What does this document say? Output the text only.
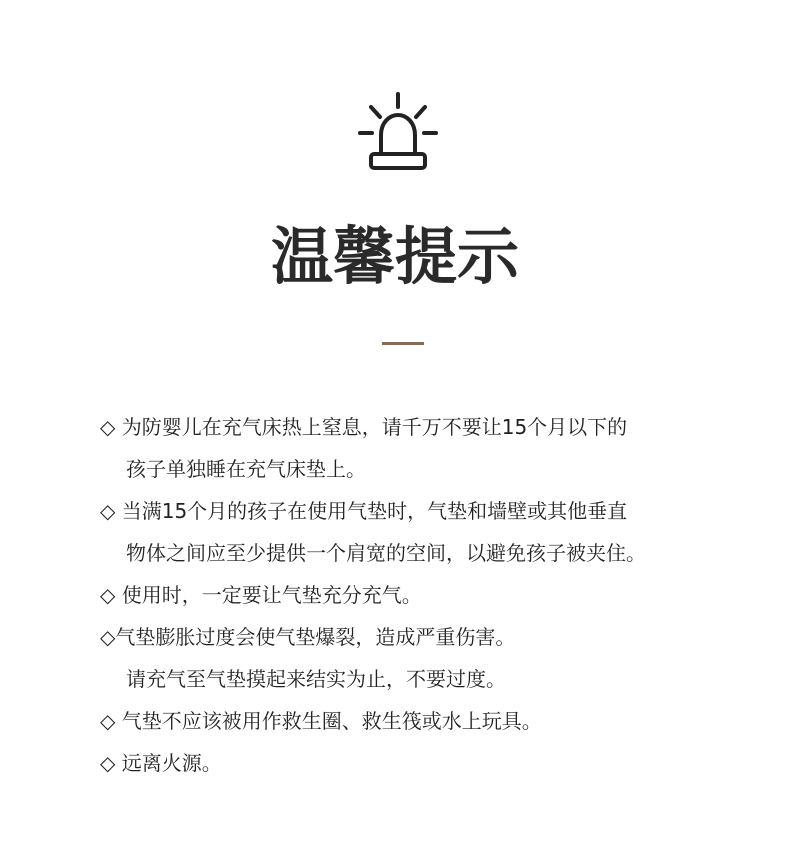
温馨提示
◇ 为防婴儿在充气床热上窒息，请千万不要让15个月以下的
孩子单独睡在充气床垫上。
◇ 当满15个月的孩子在使用气垫时，气垫和墙壁或其他垂直
物体之间应至少提供一个肩宽的空间，以避免孩子被夹住。
◇ 使用时，一定要让气垫充分充气。
◇气垫膨胀过度会使气垫爆裂，造成严重伤害。
请充气至气垫摸起来结实为止，不要过度。
◇ 气垫不应该被用作救生圈、救生筏或水上玩具。
◇ 远离火源。
